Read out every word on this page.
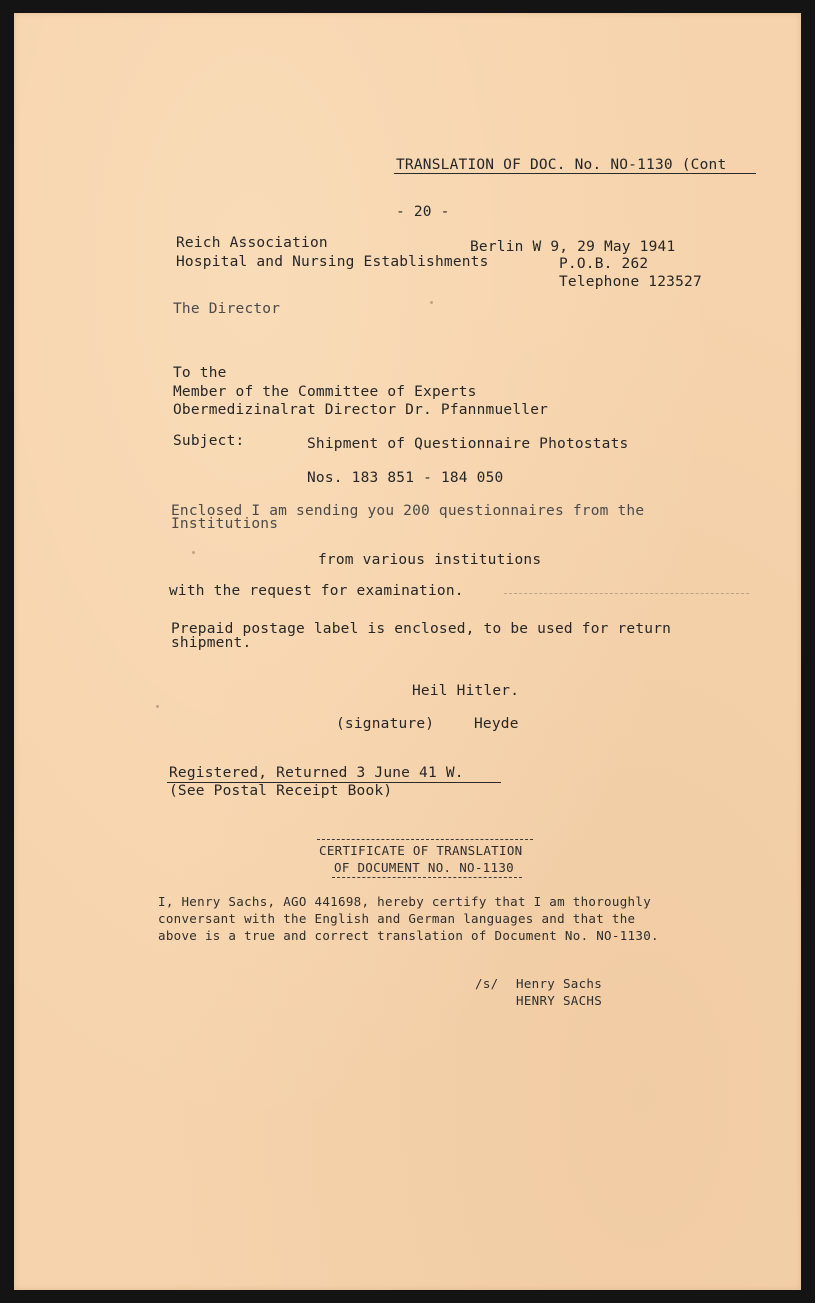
TRANSLATION OF DOC. No. NO-1130 (Cont
- 20 -
Reich Association
Hospital and Nursing Establishments
Berlin W 9, 29 May 1941
P.O.B. 262
Telephone 123527
The Director
To the
Member of the Committee of Experts
Obermedizinalrat Director Dr. Pfannmueller
Subject:	Shipment of Questionnaire Photostats
Nos. 183 851 - 184 050
Enclosed I am sending you 200 questionnaires from the
Institutions
from various institutions
with the request for examination.
Prepaid postage label is enclosed, to be used for return
shipment.
Heil Hitler.
(signature)	Heyde
Registered, Returned 3 June 41 W.
(See Postal Receipt Book)
CERTIFICATE OF TRANSLATION
OF DOCUMENT NO. NO-1130
I, Henry Sachs, AGO 441698, hereby certify that I am thoroughly
conversant with the English and German languages and that the
above is a true and correct translation of Document No. NO-1130.
/s/ Henry Sachs
HENRY SACHS
